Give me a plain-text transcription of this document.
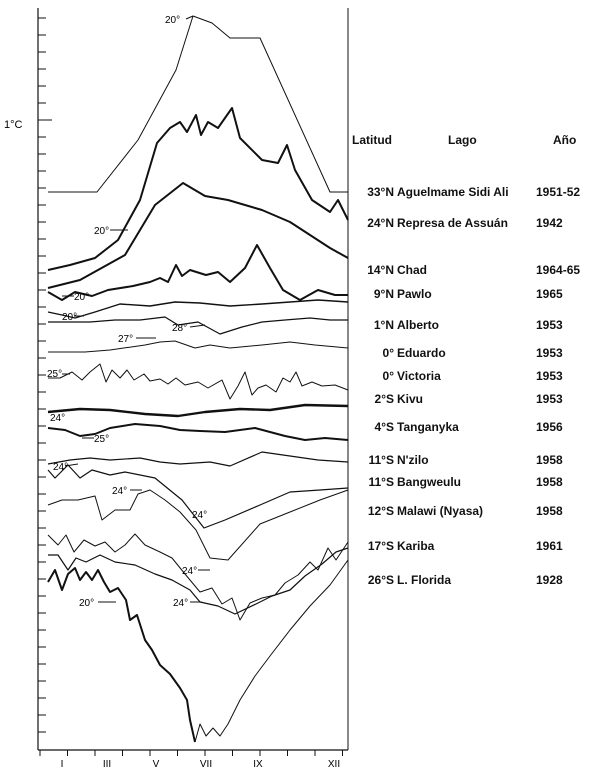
I	III	V	VII	IX	XII
20°
20°
20°
20°
27°
28°
25°
24°
25°
24°
24°
24°
24°
24°
20°
1°C
Latitud	Lago	Año
33°N Aguelmame Sidi Ali 1951-52
24°N Represa de Assuán 1942
14°N Chad	1964-65
9°N Pawlo	1965
1°N Alberto	1953
0° Eduardo	1953
0° Victoria	1953
2°S Kivu	1953
4°S Tanganyka	1956
11°S N'zilo	1958
11°S Bangweulu	1958
12°S Malawi (Nyasa)	1958
17°S Kariba	1961
26°S L. Florida	1928
